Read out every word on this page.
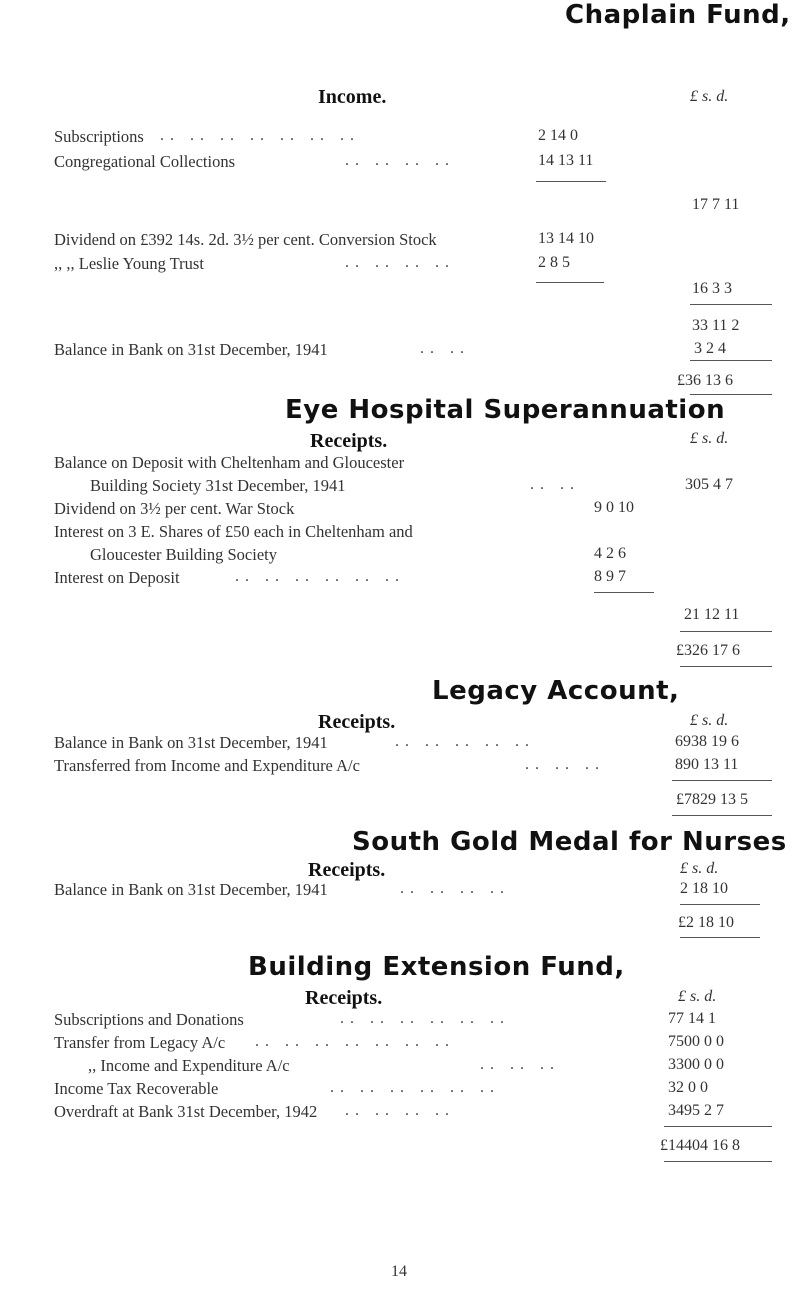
Chaplain Fund,
Income.	£ s. d.
Subscriptions .. .. .. .. .. .. ..	2 14 0
Congregational Collections	.. .. .. ..	14 13 11
17 7 11
Dividend on £392 14s. 2d. 3½ per cent. Conversion Stock	13 14 10
,, ,, Leslie Young Trust	.. .. .. ..	2 8 5
16 3 3
33 11 2
Balance in Bank on 31st December, 1941	.. ..	3 2 4
£36 13 6
Eye Hospital Superannuation
Receipts.	£ s. d.
Balance on Deposit with Cheltenham and Gloucester
Building Society 31st December, 1941	.. ..	305 4 7
Dividend on 3½ per cent. War Stock	9 0 10
Interest on 3 E. Shares of £50 each in Cheltenham and
Gloucester Building Society	4 2 6
Interest on Deposit	.. .. .. .. .. ..	8 9 7
21 12 11
£326 17 6
Legacy Account,
Receipts.	£ s. d.
Balance in Bank on 31st December, 1941	.. .. .. .. ..	6938 19 6
Transferred from Income and Expenditure A/c	.. .. ..	890 13 11
£7829 13 5
South Gold Medal for Nurses
Receipts.	£ s. d.
Balance in Bank on 31st December, 1941	.. .. .. ..	2 18 10
£2 18 10
Building Extension Fund,
Receipts.	£ s. d.
Subscriptions and Donations	.. .. .. .. .. ..	77 14 1
Transfer from Legacy A/c .. .. .. .. .. .. ..	7500 0 0
,, Income and Expenditure A/c	.. .. ..	3300 0 0
Income Tax Recoverable	.. .. .. .. .. ..	32 0 0
Overdraft at Bank 31st December, 1942 .. .. .. ..	3495 2 7
£14404 16 8
14
